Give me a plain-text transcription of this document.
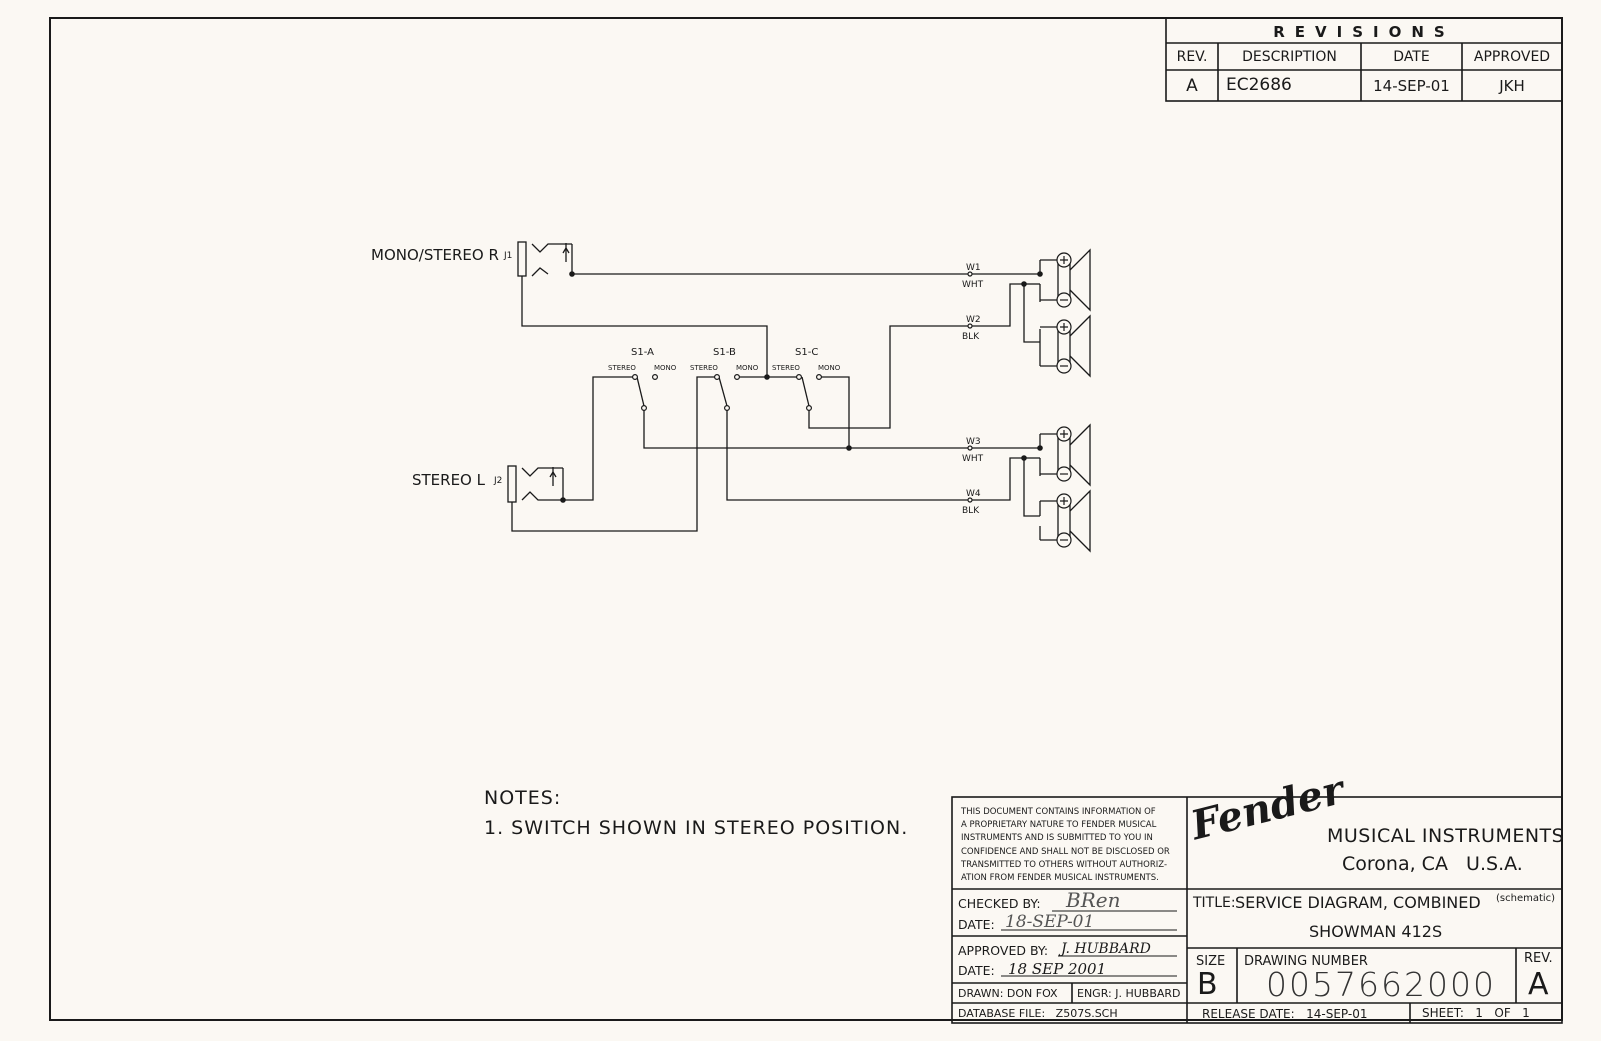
MONO/STEREO R J1
STEREO L J2
S1-A
STEREO	MONO
S1-B
STEREO	MONO
S1-C
STEREO	MONO
W1
WHT
W2
BLK
W3
WHT
W4
BLK
REVISIONS
REV.	DESCRIPTION	DATE	APPROVED
A	EC2686	14-SEP-01	JKH
NOTES:
1. SWITCH SHOWN IN STEREO POSITION.
THIS DOCUMENT CONTAINS INFORMATION OF
A PROPRIETARY NATURE TO FENDER MUSICAL
INSTRUMENTS AND IS SUBMITTED TO YOU IN
CONFIDENCE AND SHALL NOT BE DISCLOSED OR
TRANSMITTED TO OTHERS WITHOUT AUTHORIZ-
ATION FROM FENDER MUSICAL INSTRUMENTS.
Fender
MUSICAL INSTRUMENTS
Corona, CA   U.S.A.
CHECKED BY: BRen
DATE: 18-SEP-01
APPROVED BY: J. HUBBARD
DATE: 18 SEP 2001
DRAWN: DON FOX ENGR: J. HUBBARD
DATABASE FILE:   Z507S.SCH
TITLE: SERVICE DIAGRAM, COMBINED (schematic)
SHOWMAN 412S
SIZE
B
DRAWING NUMBER
0057662000
REV.
A
RELEASE DATE:   14-SEP-01	SHEET:   1   OF   1
